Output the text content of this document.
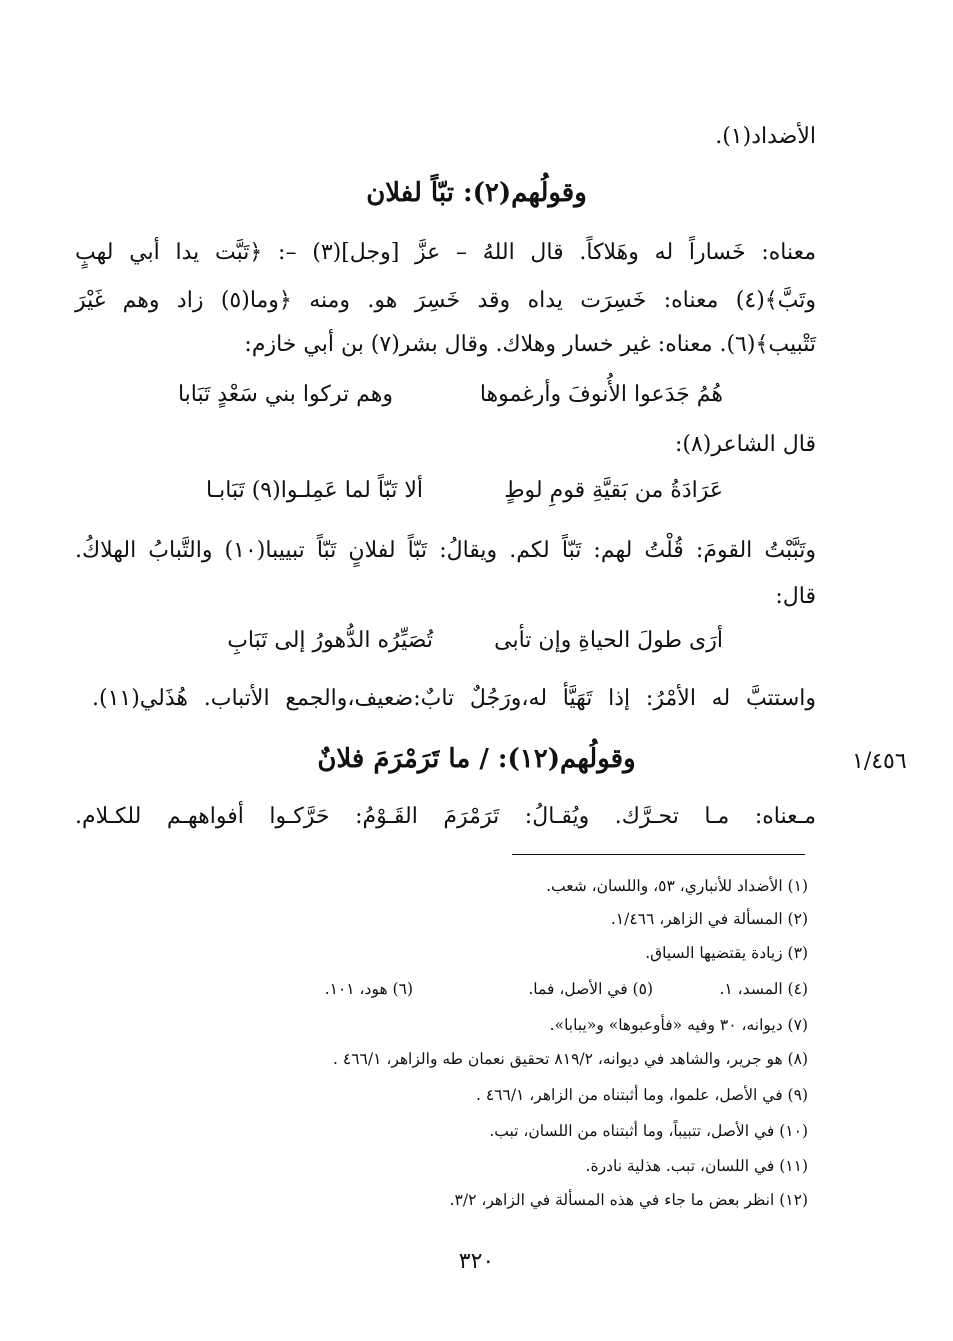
الأضداد(١).
وقولُهم(٢): تبّاً لفلان
معناه: خَساراً له وهَلاكاً. قال اللهُ – عزَّ [وجل](٣) –: ﴿تَبَّت يدا أبي لهبٍ
وتَبَّ﴾(٤) معناه: خَسِرَت يداه وقد خَسِرَ هو. ومنه ﴿وما(٥) زاد وهم غَيْرَ
تَتْبيب﴾(٦). معناه: غير خسار وهلاك. وقال بشر(٧) بن أبي خازم:
هُمُ جَدَعوا الأُنوفَ وأرغموها
وهم تركوا بني سَعْدٍ تَبَابا
قال الشاعر(٨):
عَرَادَةُ من بَقيَّةِ قومِ لوطٍ
ألا تَبّاً لما عَمِلـوا(٩) تَبَابـا
وتَبَّبْتُ القومَ: قُلْتُ لهم: تَبّاً لكم. ويقالُ: تَبّاً لفلانٍ تَبّاً تبييبا(١٠) والتَّبابُ الهلاكُ.
قال:
أرَى طولَ الحياةِ وإن تأبى
تُصَيِّرُه الدُّهورُ إلى تَبَابِ
واستتبَّ له الأمْرُ: إذا تَهَيَّأ له،ورَجُلٌ تابٌ:ضعيف،والجمع الأتباب. هُذَلي(١١).
وقولُهم(١٢): / ما تَرَمْرَمَ فلانٌ	١/٤٥٦
مـعناه: مـا تحـرَّك. ويُقـالُ: تَرَمْرَمَ القَـوْمُ: حَرَّكـوا أفواههـم للكـلام.
(١) الأضداد للأنباري، ٥٣، واللسان، شعب.
(٢) المسألة في الزاهر، ١/٤٦٦.
(٣) زيادة يقتضيها السياق.
(٤) المسد، ١.
(٥) في الأصل، فما.
(٦) هود، ١٠١.
(٧) ديوانه، ٣٠ وفيه «فأوعبوها» و«يبابا».
(٨) هو جرير، والشاهد في ديوانه، ٨١٩/٢ تحقيق نعمان طه والزاهر، ٤٦٦/١ .
(٩) في الأصل، علموا، وما أثبتناه من الزاهر، ٤٦٦/١ .
(١٠) في الأصل، تتبيباً، وما أثبتناه من اللسان، تبب.
(١١) في اللسان، تبب. هذلية نادرة.
(١٢) انظر بعض ما جاء في هذه المسألة في الزاهر، ٣/٢.
٣٢٠
